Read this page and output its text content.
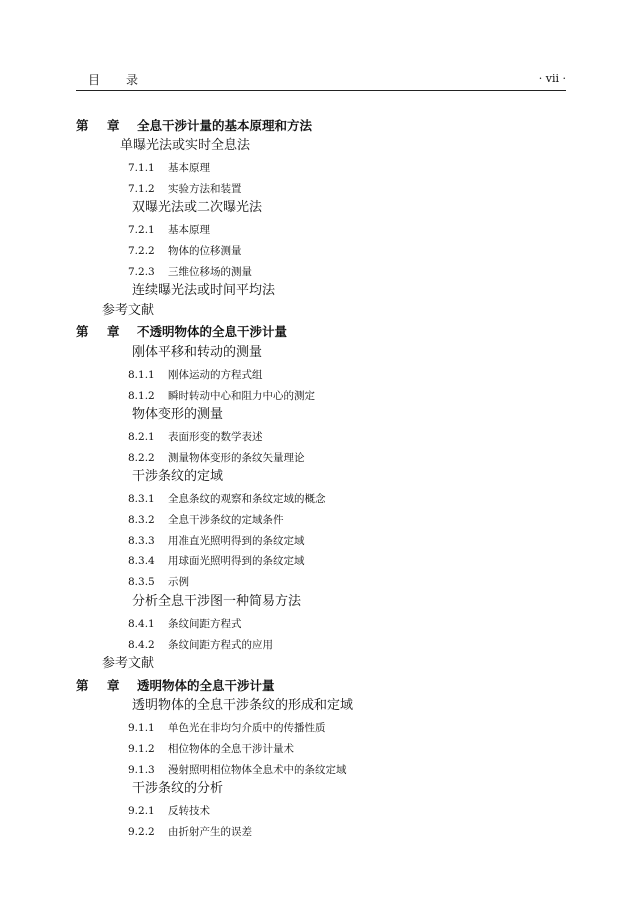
目录	· vii ·
第 章 全息干涉计量的基本原理和方法
单曝光法或实时全息法
7.1.1	基本原理
7.1.2	实验方法和装置
双曝光法或二次曝光法
7.2.1	基本原理
7.2.2	物体的位移测量
7.2.3	三维位移场的测量
连续曝光法或时间平均法
参考文献
第 章 不透明物体的全息干涉计量
刚体平移和转动的测量
8.1.1	刚体运动的方程式组
8.1.2	瞬时转动中心和阻力中心的测定
物体变形的测量
8.2.1	表面形变的数学表述
8.2.2	测量物体变形的条纹矢量理论
干涉条纹的定域
8.3.1	全息条纹的观察和条纹定域的概念
8.3.2	全息干涉条纹的定域条件
8.3.3	用准直光照明得到的条纹定域
8.3.4	用球面光照明得到的条纹定域
8.3.5	示例
分析全息干涉图一种简易方法
8.4.1	条纹间距方程式
8.4.2	条纹间距方程式的应用
参考文献
第 章 透明物体的全息干涉计量
透明物体的全息干涉条纹的形成和定域
9.1.1	单色光在非均匀介质中的传播性质
9.1.2	相位物体的全息干涉计量术
9.1.3	漫射照明相位物体全息术中的条纹定域
干涉条纹的分析
9.2.1	反转技术
9.2.2	由折射产生的误差
